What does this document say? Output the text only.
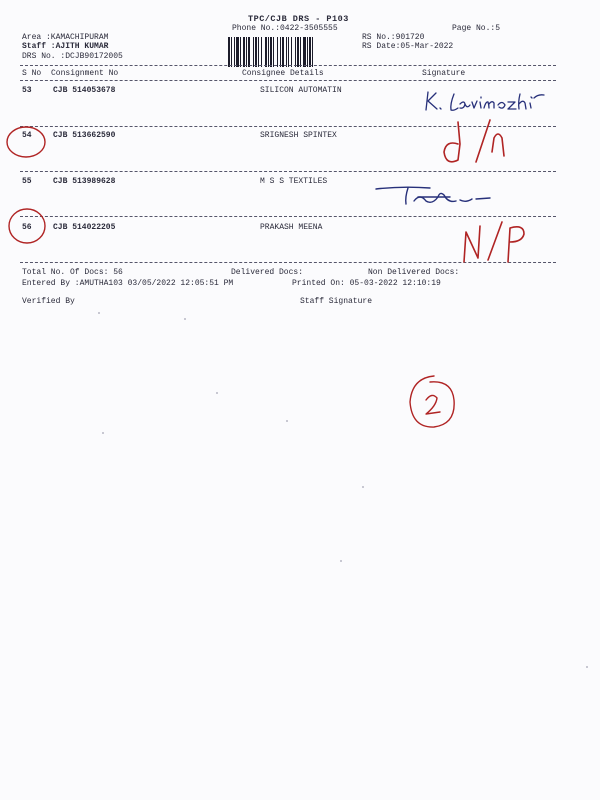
TPC/CJB DRS - P103
Phone No.:0422-3505555	Page No.:5
Area :KAMACHIPURAM
Staff :AJITH KUMAR
DRS No. :DCJB90172005
RS No.:901720
RS Date:05-Mar-2022
S No Consignment No	Consignee Details	Signature
53	CJB 514053678	SILICON AUTOMATIN
54	CJB 513662590	SRIGNESH SPINTEX
55	CJB 513989628	M S S TEXTILES
56	CJB 514022205	PRAKASH MEENA
Total No. Of Docs: 56	Delivered Docs:	Non Delivered Docs:
Entered By :AMUTHA103 03/05/2022 12:05:51 PM	Printed On: 05-03-2022 12:10:19
Verified By	Staff Signature
